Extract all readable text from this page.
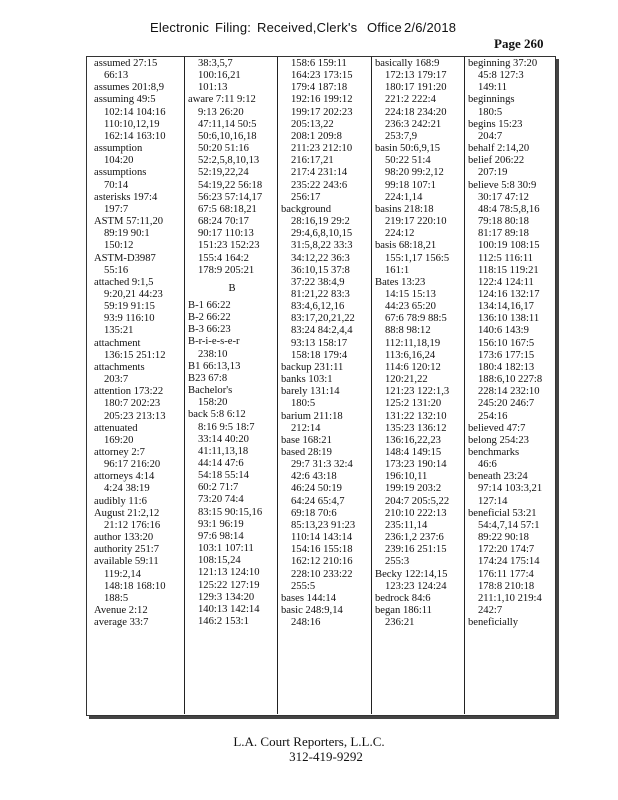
Electronic Filing: Received,Clerk's Office 2/6/2018
Page 260
assumed 27:15
66:13
assumes 201:8,9
assuming 49:5
102:14 104:16
110:10,12,19
162:14 163:10
assumption
104:20
assumptions
70:14
asterisks 197:4
197:7
ASTM 57:11,20
89:19 90:1
150:12
ASTM-D3987
55:16
attached 9:1,5
9:20,21 44:23
59:19 91:15
93:9 116:10
135:21
attachment
136:15 251:12
attachments
203:7
attention 173:22
180:7 202:23
205:23 213:13
attenuated
169:20
attorney 2:7
96:17 216:20
attorneys 4:14
4:24 38:19
audibly 11:6
August 21:2,12
21:12 176:16
author 133:20
authority 251:7
available 59:11
119:2,14
148:18 168:10
188:5
Avenue 2:12
average 33:7
38:3,5,7
100:16,21
101:13
aware 7:11 9:12
9:13 26:20
47:11,14 50:5
50:6,10,16,18
50:20 51:16
52:2,5,8,10,13
52:19,22,24
54:19,22 56:18
56:23 57:14,17
67:5 68:18,21
68:24 70:17
90:17 110:13
151:23 152:23
155:4 164:2
178:9 205:21
B
B-1 66:22
B-2 66:22
B-3 66:23
B-r-i-e-s-e-r
238:10
B1 66:13,13
B23 67:8
Bachelor's
158:20
back 5:8 6:12
8:16 9:5 18:7
33:14 40:20
41:11,13,18
44:14 47:6
54:18 55:14
60:2 71:7
73:20 74:4
83:15 90:15,16
93:1 96:19
97:6 98:14
103:1 107:11
108:15,24
121:13 124:10
125:22 127:19
129:3 134:20
140:13 142:14
146:2 153:1
158:6 159:11
164:23 173:15
179:4 187:18
192:16 199:12
199:17 202:23
205:13,22
208:1 209:8
211:23 212:10
216:17,21
217:4 231:14
235:22 243:6
256:17
background
28:16,19 29:2
29:4,6,8,10,15
31:5,8,22 33:3
34:12,22 36:3
36:10,15 37:8
37:22 38:4,9
81:21,22 83:3
83:4,6,12,16
83:17,20,21,22
83:24 84:2,4,4
93:13 158:17
158:18 179:4
backup 231:11
banks 103:1
barely 131:14
180:5
barium 211:18
212:14
base 168:21
based 28:19
29:7 31:3 32:4
42:6 43:18
46:24 50:19
64:24 65:4,7
69:18 70:6
85:13,23 91:23
110:14 143:14
154:16 155:18
162:12 210:16
228:10 233:22
255:5
bases 144:14
basic 248:9,14
248:16
basically 168:9
172:13 179:17
180:17 191:20
221:2 222:4
224:18 234:20
236:3 242:21
253:7,9
basin 50:6,9,15
50:22 51:4
98:20 99:2,12
99:18 107:1
224:1,14
basins 218:18
219:17 220:10
224:12
basis 68:18,21
155:1,17 156:5
161:1
Bates 13:23
14:15 15:13
44:23 65:20
67:6 78:9 88:5
88:8 98:12
112:11,18,19
113:6,16,24
114:6 120:12
120:21,22
121:23 122:1,3
125:2 131:20
131:22 132:10
135:23 136:12
136:16,22,23
148:4 149:15
173:23 190:14
196:10,11
199:19 203:2
204:7 205:5,22
210:10 222:13
235:11,14
236:1,2 237:6
239:16 251:15
255:3
Becky 122:14,15
123:23 124:24
bedrock 84:6
began 186:11
236:21
beginning 37:20
45:8 127:3
149:11
beginnings
180:5
begins 15:23
204:7
behalf 2:14,20
belief 206:22
207:19
believe 5:8 30:9
30:17 47:12
48:4 78:5,8,16
79:18 80:18
81:17 89:18
100:19 108:15
112:5 116:11
118:15 119:21
122:4 124:11
124:16 132:17
134:14,16,17
136:10 138:11
140:6 143:9
156:10 167:5
173:6 177:15
180:4 182:13
188:6,10 227:8
228:14 232:10
245:20 246:7
254:16
believed 47:7
belong 254:23
benchmarks
46:6
beneath 23:24
97:14 103:3,21
127:14
beneficial 53:21
54:4,7,14 57:1
89:22 90:18
172:20 174:7
174:24 175:14
176:11 177:4
178:8 210:18
211:1,10 219:4
242:7
beneficially
L.A. Court Reporters, L.L.C.
312-419-9292
